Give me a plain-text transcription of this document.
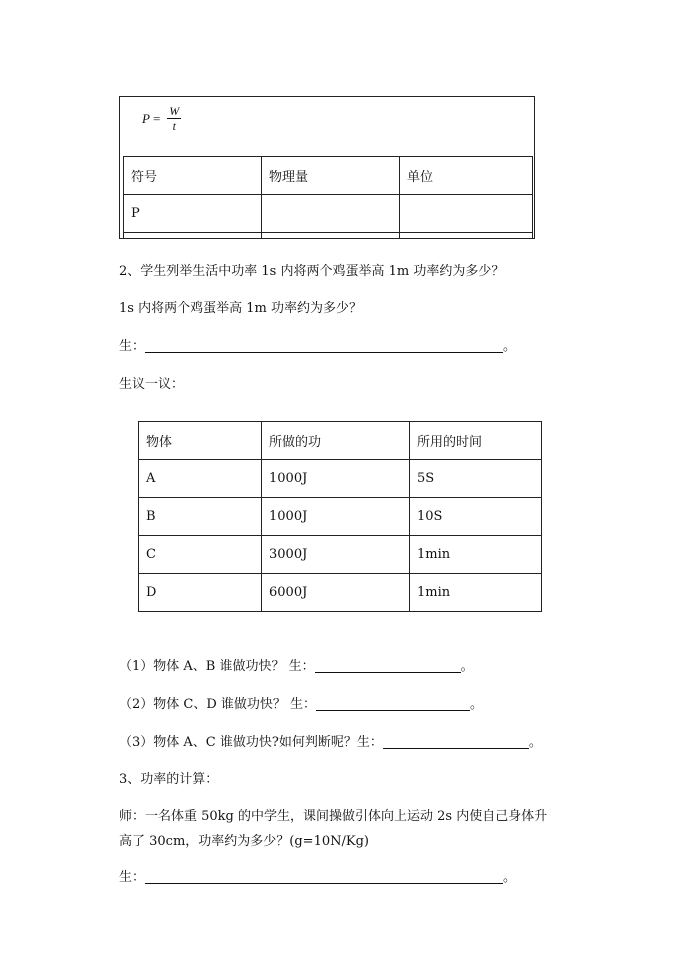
$P = \frac{W}{t}$
符号	物理量	单位
P		

2、学生列举生活中功率 1s 内将两个鸡蛋举高 1m 功率约为多少？
1s 内将两个鸡蛋举高 1m 功率约为多少？
生：	。
生议一议：
物体	所做的功	所用的时间
A	1000J	5S
B	1000J	10S
C	3000J	1min
D	6000J	1min
（1）物体 A、B 谁做功快？ 生：	。
（2）物体 C、D 谁做功快？ 生：	。
（3）物体 A、C 谁做功快?如何判断呢？生：	。
3、功率的计算：
师：一名体重 50kg 的中学生，课间操做引体向上运动 2s 内使自己身体升
高了 30cm，功率约为多少？(g=10N/Kg)
生：	。
